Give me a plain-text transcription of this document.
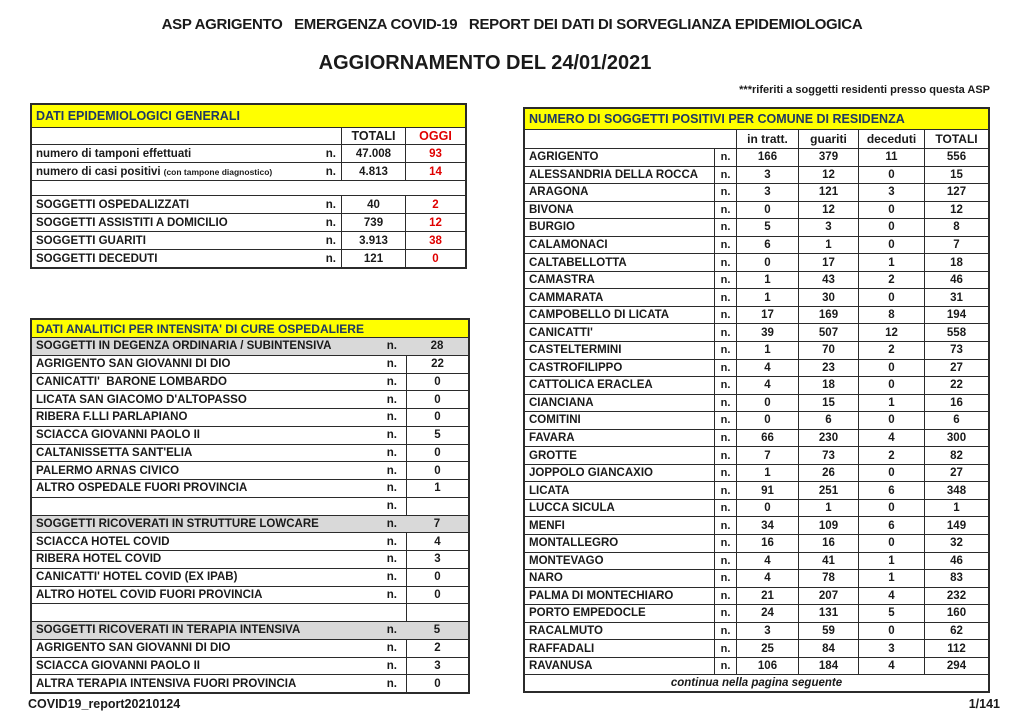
ASP AGRIGENTO   EMERGENZA COVID-19   REPORT DEI DATI DI SORVEGLIANZA EPIDEMIOLOGICA
AGGIORNAMENTO DEL 24/01/2021
***riferiti a soggetti residenti presso questa ASP
DATI EPIDEMIOLOGICI GENERALI
TOTALI	OGGI
numero di tamponi effettuati	n.	47.008	93
numero di casi positivi (con tampone diagnostico)	n.	4.813	14
SOGGETTI OSPEDALIZZATI	n.	40	2
SOGGETTI ASSISTITI A DOMICILIO	n.	739	12
SOGGETTI GUARITI	n.	3.913	38
SOGGETTI DECEDUTI	n.	121	0
DATI ANALITICI PER INTENSITA' DI CURE OSPEDALIERE
SOGGETTI IN DEGENZA ORDINARIA / SUBINTENSIVA	n.	28
AGRIGENTO SAN GIOVANNI DI DIO	n.	22
CANICATTI'  BARONE LOMBARDO	n.	0
LICATA SAN GIACOMO D'ALTOPASSO	n.	0
RIBERA F.LLI PARLAPIANO	n.	0
SCIACCA GIOVANNI PAOLO II	n.	5
CALTANISSETTA SANT'ELIA	n.	0
PALERMO ARNAS CIVICO	n.	0
ALTRO OSPEDALE FUORI PROVINCIA	n.	1
n.
SOGGETTI RICOVERATI IN STRUTTURE LOWCARE	n.	7
SCIACCA HOTEL COVID	n.	4
RIBERA HOTEL COVID	n.	3
CANICATTI' HOTEL COVID (EX IPAB)	n.	0
ALTRO HOTEL COVID FUORI PROVINCIA	n.	0
SOGGETTI RICOVERATI IN TERAPIA INTENSIVA	n.	5
AGRIGENTO SAN GIOVANNI DI DIO	n.	2
SCIACCA GIOVANNI PAOLO II	n.	3
ALTRA TERAPIA INTENSIVA FUORI PROVINCIA	n.	0
NUMERO DI SOGGETTI POSITIVI PER COMUNE DI RESIDENZA
in tratt.	guariti	deceduti	TOTALI
AGRIGENTO	n.	166	379	11	556
ALESSANDRIA DELLA ROCCA	n.	3	12	0	15
ARAGONA	n.	3	121	3	127
BIVONA	n.	0	12	0	12
BURGIO	n.	5	3	0	8
CALAMONACI	n.	6	1	0	7
CALTABELLOTTA	n.	0	17	1	18
CAMASTRA	n.	1	43	2	46
CAMMARATA	n.	1	30	0	31
CAMPOBELLO DI LICATA	n.	17	169	8	194
CANICATTI'	n.	39	507	12	558
CASTELTERMINI	n.	1	70	2	73
CASTROFILIPPO	n.	4	23	0	27
CATTOLICA ERACLEA	n.	4	18	0	22
CIANCIANA	n.	0	15	1	16
COMITINI	n.	0	6	0	6
FAVARA	n.	66	230	4	300
GROTTE	n.	7	73	2	82
JOPPOLO GIANCAXIO	n.	1	26	0	27
LICATA	n.	91	251	6	348
LUCCA SICULA	n.	0	1	0	1
MENFI	n.	34	109	6	149
MONTALLEGRO	n.	16	16	0	32
MONTEVAGO	n.	4	41	1	46
NARO	n.	4	78	1	83
PALMA DI MONTECHIARO	n.	21	207	4	232
PORTO EMPEDOCLE	n.	24	131	5	160
RACALMUTO	n.	3	59	0	62
RAFFADALI	n.	25	84	3	112
RAVANUSA	n.	106	184	4	294
continua nella pagina seguente
COVID19_report20210124	1/141
